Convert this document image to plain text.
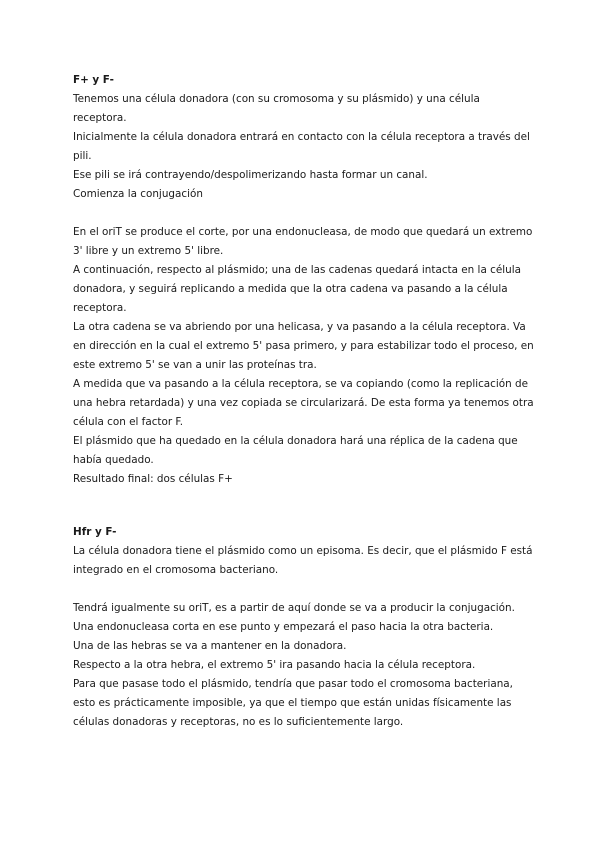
F+ y F-

Tenemos una célula donadora (con su cromosoma y su plásmido) y una célula receptora.

Inicialmente la célula donadora entrará en contacto con la célula receptora a través del pili.

Ese pili se irá contrayendo/despolimerizando hasta formar un canal.

Comienza la conjugación

En el oriT se produce el corte, por una endonucleasa, de modo que quedará un extremo 3' libre y un extremo 5' libre.

A continuación, respecto al plásmido; una de las cadenas quedará intacta en la célula donadora, y seguirá replicando a medida que la otra cadena va pasando a la célula receptora.

La otra cadena se va abriendo por una helicasa, y va pasando a la célula receptora. Va en dirección en la cual el extremo 5' pasa primero, y para estabilizar todo el proceso, en este extremo 5' se van a unir las proteínas tra.

A medida que va pasando a la célula receptora, se va copiando (como la replicación de una hebra retardada) y una vez copiada se circularizará. De esta forma ya tenemos otra célula con el factor F.

El plásmido que ha quedado en la célula donadora hará una réplica de la cadena que había quedado.

Resultado final: dos células F+

Hfr y F-

La célula donadora tiene el plásmido como un episoma. Es decir, que el plásmido F está integrado en el cromosoma bacteriano.

Tendrá igualmente su oriT, es a partir de aquí donde se va a producir la conjugación.

Una endonucleasa corta en ese punto y empezará el paso hacia la otra bacteria.

Una de las hebras se va a mantener en la donadora.

Respecto a la otra hebra, el extremo 5' ira pasando hacia la célula receptora.

Para que pasase todo el plásmido, tendría que pasar todo el cromosoma bacteriana, esto es prácticamente imposible, ya que el tiempo que están unidas físicamente las células donadoras y receptoras, no es lo suficientemente largo.
